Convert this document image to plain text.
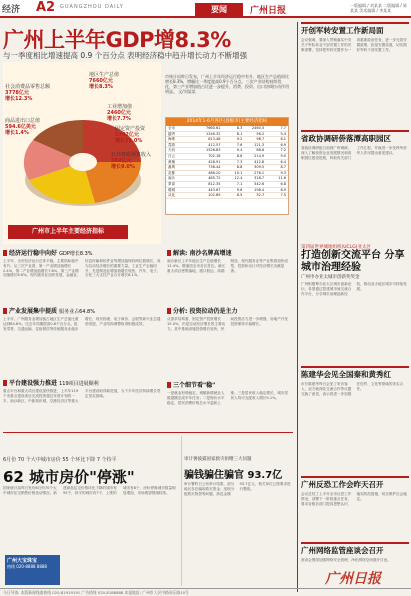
经济 A2 GUANGZHOU DAILY	要闻	广州日报
一版编辑 / 刘某某 二版编辑 / 陈某某 美术编辑 / 李某某
广州上半年GDP增8.3%
与一季度相比增速提高 0.9 个百分点 表明经济稳中趋升增长动力不断增强
地区生产总值
7660亿元
增长8.3%
社会消费品零售总额
3778亿元
增长12.3%
工业增加值
2460亿元
增长7.7%
商品进出口总值
594.6亿美元
增长1.4%
固定资产投资
1742亿元
增长15.0%
公共财政预算收入
592亿元
增长9.0%
广州市上半年主要经济指标
市统计局昨日发布，广州上半年经济运行稳中有升，地区生产总值同比增长8.3%，增幅比一季度提高0.9个百分点。三次产业结构持续优化，第三产业增加值占比进一步提升，消费、投资、出口协调拉动作用明显。 文/刘某某
2014年1-6月各区(县级市)主要经济指标
全市	7660.61	8.3	2460.5	7.7
越秀	1246.32	8.1	56.2	5.4
海珠	613.48	9.2	98.7	8.1
荔湾	412.57	7.6	121.3	6.9
天河	1526.83	9.4	88.6	7.2
白云	702.16	8.6	214.9	9.0
黄埔	428.91	7.3	412.8	6.4
番禺	738.44	8.8	309.5	8.7
花都	486.20	10.1	276.1	9.3
南沙	465.72	12.4	318.7	11.6
萝岗	812.35	7.1	542.6	6.8
增城	443.67	9.6	198.4	8.9
从化	102.89	8.5	32.7	7.5
经济运行稳中向好 GDP增长8.3%
上半年，全市经济运行总体平稳，主要指标稳中有升。从三次产业看，第一产业增加值增长2.4%，第二产业增加值增长7.6%，第三产业增加值增长8.8%。现代服务业加快发展，金融业、信息传输和软件业等增加值保持两位数增长，成为拉动经济增长的重要力量。工业生产企稳回升，先进制造业增加值增长较快，汽车、电子、石化三大支柱产业合计增长8.1%。
产业发展集中提质 服务业占64.8%
上半年，广州服务业增加值占地区生产总值比重达到64.8%，比去年同期提高0.6个百分点。批发零售、交通运输、住宿餐饮等传统服务业稳步增长，现代物流、电子商务、会展等新兴业态蓬勃发展，产业结构调整取得积极成效。
平台建设强力推进 119项目进展顺利
重点平台和重大项目建设加快推进，上半年119个市重点建设项目完成投资超过年度计划的一半，南沙新区、中新知识城、空港经济区等重大平台建设取得新进展，为下半年经济持续增长奠定坚实基础。
解读: 南沙名牌高增速
南沙新区上半年地区生产总值增长12.4%，增速居全市各区首位。新区重大项目密集落地，港口航运、高端制造、现代服务业等产业集群加快成型，投资和出口对经济增长贡献显著。
分析: 投资拉动仍是主力
从需求结构看，固定资产投资增长15.0%，仍是拉动经济增长的主要动力。其中基础设施投资增长较快，民间投资活力进一步增强，房地产开发投资保持平稳增长。
三个细节看"稳"
一是就业形势稳定，城镇新增就业人数超额完成半年任务；二是物价水平稳定，居民消费价格总水平温和上涨；三是居民收入稳定增长，城市居民人均可支配收入增长9.1%。
6月份 70 个大中城市房价 55 个环比下降 7 个持平
62 城市房价"停涨"
国家统计局昨日发布6月份70个大中城市住宅销售价格变动情况，新建商品住宅价格环比下降的城市有55个，持平的城市有7个，上涨的城市有8个，房价停涨城市数量明显增加，市场观望情绪较浓。
审计署披露国家救灾捐赠三大问题
骗钱骗住骗官 93.7亿
审计署昨日公布审计结果，部分地区存在骗取救灾资金、违规分配救灾物资等问题，涉及金额93.7亿元，相关单位已按要求进行整改。
广州大宝珠宝
热线 020-8888 8888
开创军转安置工作新局面
会议强调，要深入贯彻落实中央关于军队转业干部安置工作的决策部署，坚持把军转安置作为一项重要政治任务，进一步完善安置政策，拓宽安置渠道，切实做好军转干部安置工作。
省政协调研侨落潭高职园区
省政协调研组日前到广州调研，深入了解侨资企业发展情况和高职园区建设进展，听取有关部门工作汇报，并就进一步发挥华侨华人作用提出意见建议。
第四届世界城地组织(UCLG)亚太区
打造创新交流平台 分享城市治理经验
广州申办亚太城市创新奖奖金
广州积极筹办亚太区城市创新论坛，希望通过搭建城市间交流合作平台，分享城市治理创新经验，推动亚太地区城市可持续发展。
陈建华会见全国秦和黄秀红
市长陈建华昨日会见了来访客人，双方就深化交流合作等议题交换了意见，表示将进一步加强在经贸、文化等领域的务实合作。
广州反恐工作会昨天召开
会议总结了上半年全市反恐工作情况，部署下一阶段重点任务，要求各级各部门提高思想认识，落实防范措施，切实维护社会稳定。
广州网络监管座谈会召开
座谈会围绕加强网络安全管理，净化网络空间展开讨论。
广州日报
今日导读: 本版新闻线索热线 020-81919191 广告热线 020-8188888 本报地址: 广州市人民中路同乐路10号
